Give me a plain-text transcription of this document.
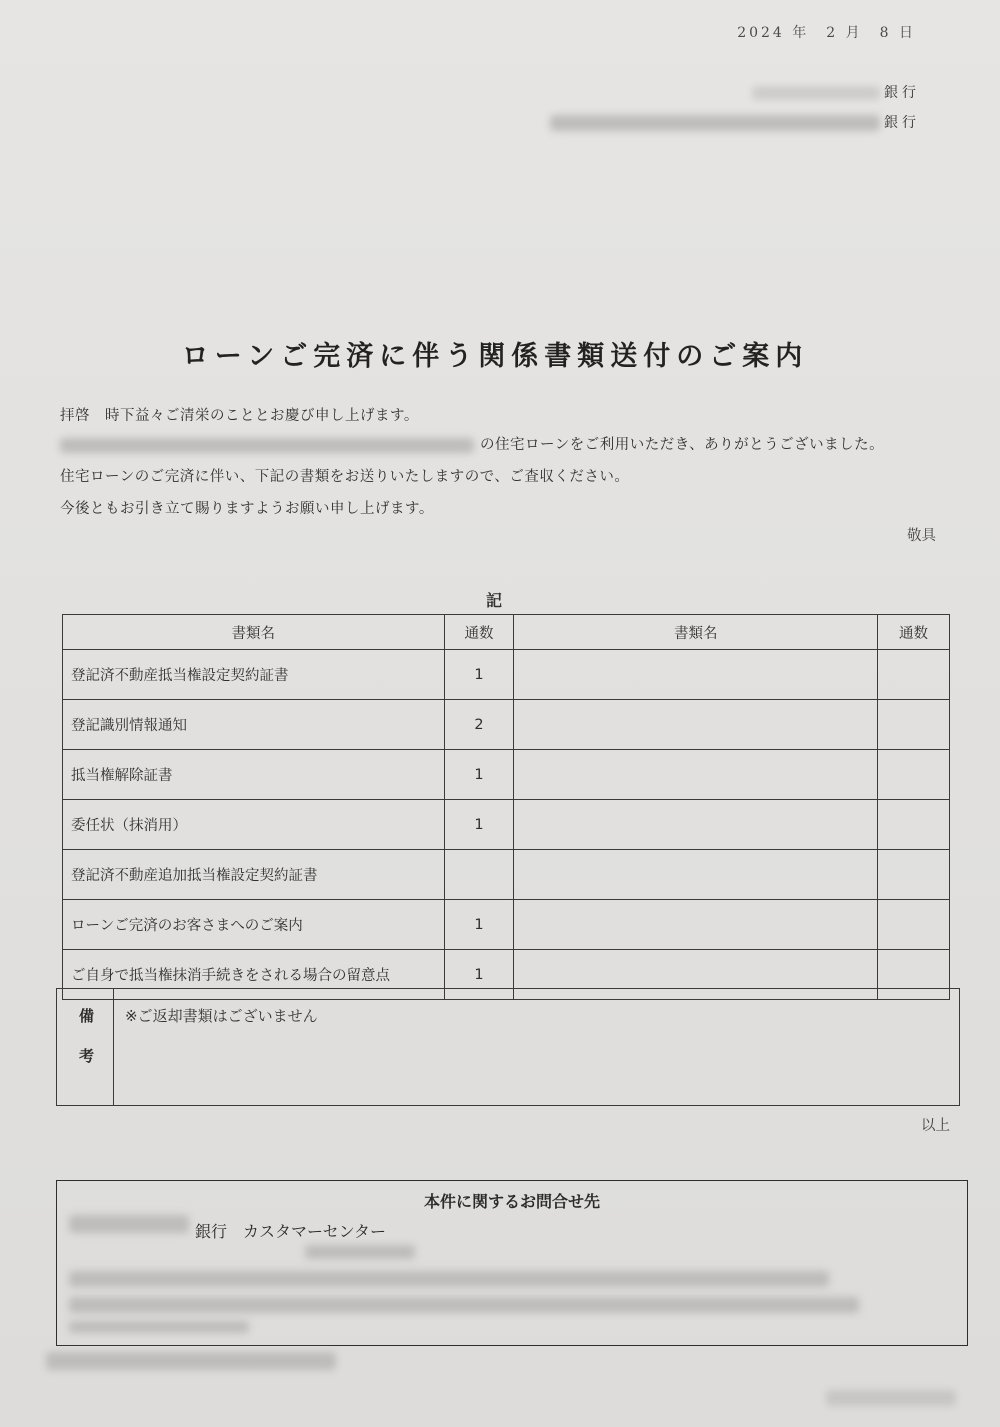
2024 年　2 月　8 日
銀行
銀行
ローンご完済に伴う関係書類送付のご案内
拝啓　時下益々ご清栄のこととお慶び申し上げます。
の住宅ローンをご利用いただき、ありがとうございました。
住宅ローンのご完済に伴い、下記の書類をお送りいたしますので、ご査収ください。
今後ともお引き立て賜りますようお願い申し上げます。
敬具
記
書類名	通数	書類名	通数
登記済不動産抵当権設定契約証書	1		
登記識別情報通知	2		
抵当権解除証書	1		
委任状（抹消用）	1		
登記済不動産追加抵当権設定契約証書			
ローンご完済のお客さまへのご案内	1		
ご自身で抵当権抹消手続きをされる場合の留意点	1		
備
考
※ご返却書類はございません
以上
本件に関するお問合せ先
銀行　カスタマーセンター
